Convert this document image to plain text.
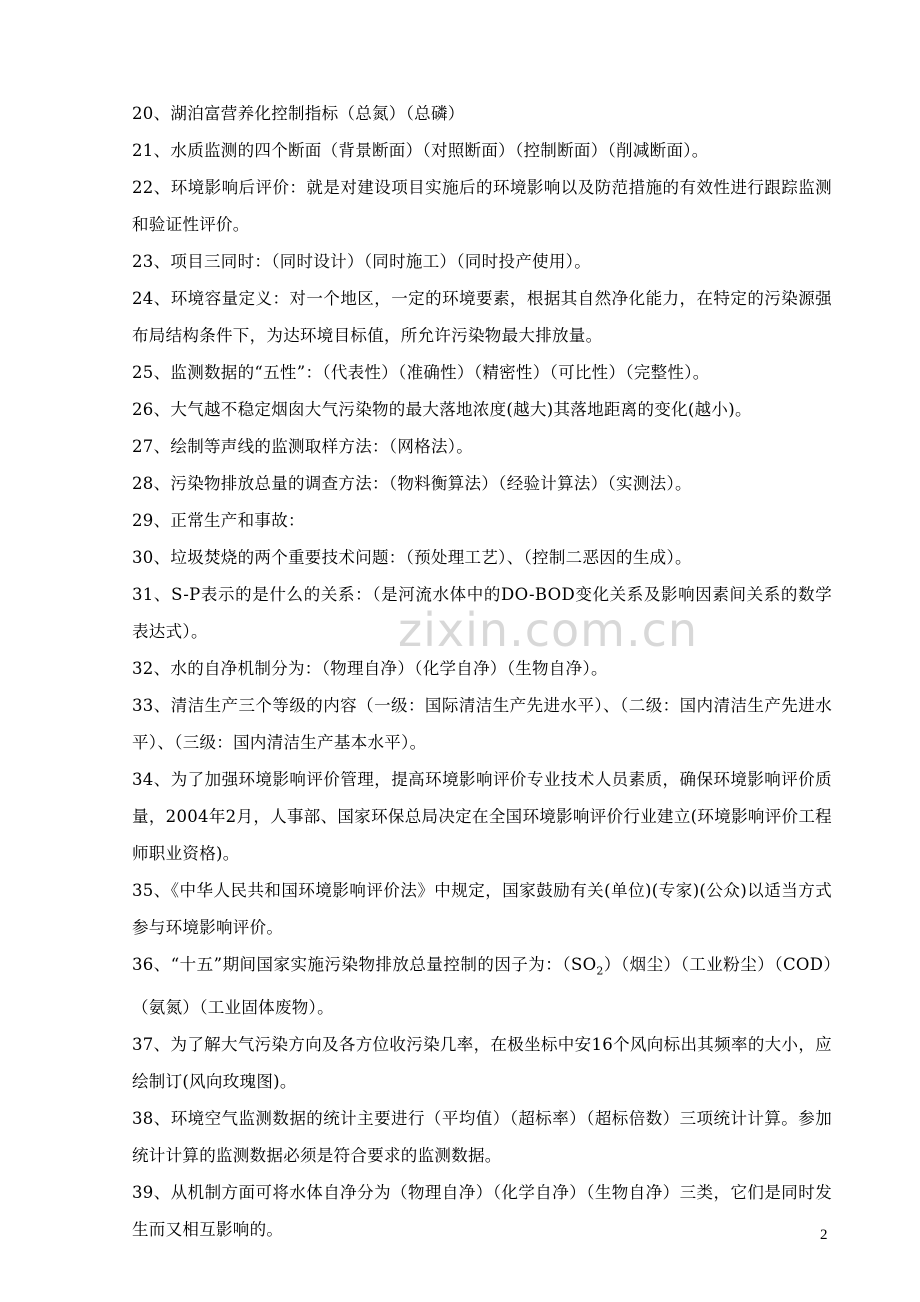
20、湖泊富营养化控制指标（总氮）（总磷）

21、水质监测的四个断面（背景断面）（对照断面）（控制断面）（削减断面）。

22、环境影响后评价：就是对建设项目实施后的环境影响以及防范措施的有效性进行跟踪监测和验证性评价。

23、项目三同时：（同时设计）（同时施工）（同时投产使用）。

24、环境容量定义：对一个地区，一定的环境要素，根据其自然净化能力，在特定的污染源强布局结构条件下，为达环境目标值，所允许污染物最大排放量。

25、监测数据的“五性”：（代表性）（准确性）（精密性）（可比性）（完整性）。

26、大气越不稳定烟囱大气污染物的最大落地浓度(越大)其落地距离的变化(越小)。

27、绘制等声线的监测取样方法：（网格法）。

28、污染物排放总量的调查方法：（物料衡算法）（经验计算法）（实测法）。

29、正常生产和事故：

30、垃圾焚烧的两个重要技术问题：（预处理工艺）、（控制二恶因的生成）。

31、S-P表示的是什么的关系：（是河流水体中的DO-BOD变化关系及影响因素间关系的数学表达式）。

32、水的自净机制分为：（物理自净）（化学自净）（生物自净）。

33、清洁生产三个等级的内容（一级：国际清洁生产先进水平）、（二级：国内清洁生产先进水平）、（三级：国内清洁生产基本水平）。

34、为了加强环境影响评价管理，提高环境影响评价专业技术人员素质，确保环境影响评价质量，2004年2月，人事部、国家环保总局决定在全国环境影响评价行业建立(环境影响评价工程师职业资格)。

35、《中华人民共和国环境影响评价法》中规定，国家鼓励有关(单位)(专家)(公众)以适当方式参与环境影响评价。

36、“十五”期间国家实施污染物排放总量控制的因子为：$(SO_2)$（烟尘）（工业粉尘）（COD）（氨氮）（工业固体废物）。

37、为了解大气污染方向及各方位收污染几率，在极坐标中安16个风向标出其频率的大小，应绘制订(风向玫瑰图)。

38、环境空气监测数据的统计主要进行（平均值）（超标率）（超标倍数）三项统计计算。参加统计计算的监测数据必须是符合要求的监测数据。

39、从机制方面可将水体自净分为（物理自净）（化学自净）（生物自净）三类，它们是同时发生而又相互影响的。

zixin.com.cn
2
